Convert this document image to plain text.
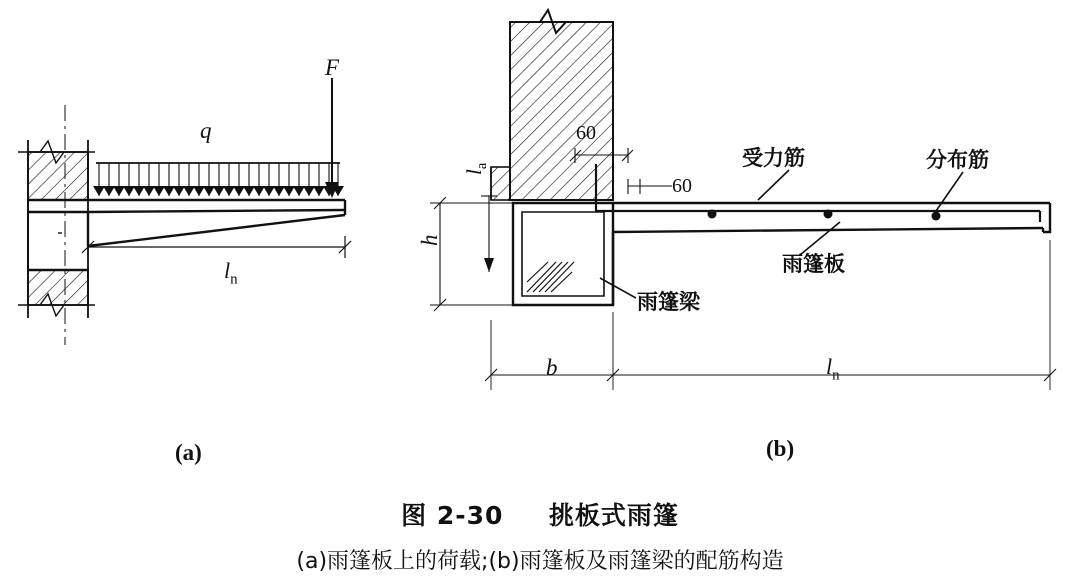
q
F
$l_n$
60
60
$l_a$
h
b	$l_n$
受力筋	分布筋
雨篷板
雨篷梁
(a)	(b)
图 2-30 挑板式雨篷
(a)雨篷板上的荷载;(b)雨篷板及雨篷梁的配筋构造
